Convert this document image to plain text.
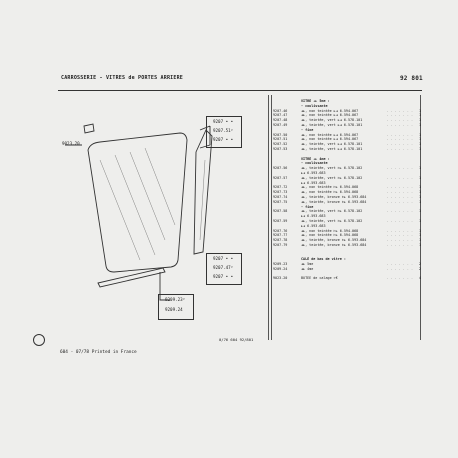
CARROSSERIE - VITRES de PORTES ARRIERE	92 801
9023.20
9207 • •
9207.51²
9207 • •
9207 • •
9207.47²
9207 • •
9209.23²
9209.24
VITRE ◄► 5me :
- coulissante
9207.46	◄►, non teintée ►◄ 6.594.067	. . . . . . . 1
9207.47	◄►, non teintée ►◄ 6.594.067	. . . . . . . 1
9207.48	◄►, teintée, vert ►◄ 6.578.101	. . . . . . . 1
9207.49	◄►, teintée, vert ►◄ 6.578.101	. . . . . . . 1
- fixe
9207.50	◄►, non teintée ►◄ 6.594.067	. . . . . . . 1
9207.51	◄►, non teintée ►◄ 6.594.067	. . . . . . . 1
9207.52	◄►, teintée, vert ►◄ 6.578.101	. . . . . . . 1
9207.53	◄►, teintée, vert ►◄ 6.578.101	. . . . . . . 1
VITRE ◄► 4me :
- coulissante
9207.56	◄►, teintée, vert ⊢► 6.578.102	. . . . . . . 1
►◄ 6.593.683
9207.57	◄►, teintée, vert ⊢► 6.578.102	. . . . . . . 1
►◄ 6.593.683
9207.72	◄►, non teintée ⊢► 6.594.068	. . . . . . . 1
9207.73	◄►, non teintée ⊢► 6.594.068	. . . . . . . 1
9207.74	◄►, teintée, bronze ⊢► 6.593.684	. . . . . . . 1
9207.75	◄►, teintée, bronze ⊢► 6.593.684	. . . . . . . 1
- fixe
9207.58	◄►, teintée, vert ⊢► 6.578.102	. . . . . . . 1
►◄ 6.593.683
9207.59	◄►, teintée, vert ⊢► 6.578.102	. . . . . . . 1
►◄ 6.593.683
9207.76	◄►, non teintée ⊢► 6.594.068	. . . . . . . 1
9207.77	◄►, non teintée ⊢► 6.594.068	. . . . . . . 1
9207.78	◄►, teintée, bronze ⊢► 6.593.684	. . . . . . . 1
9207.79	◄►, teintée, bronze ⊢► 6.593.684	. . . . . . . 1
CALE de bas de vitre :
9209.23	◄► 5me	. . . . . . . 2
9209.24	◄► 4me	. . . . . . . 2
9023.20	BUTEE de calage >€	. . . . . . . 4
0/76 604 92/801
604 - 07/78 Printed in France
